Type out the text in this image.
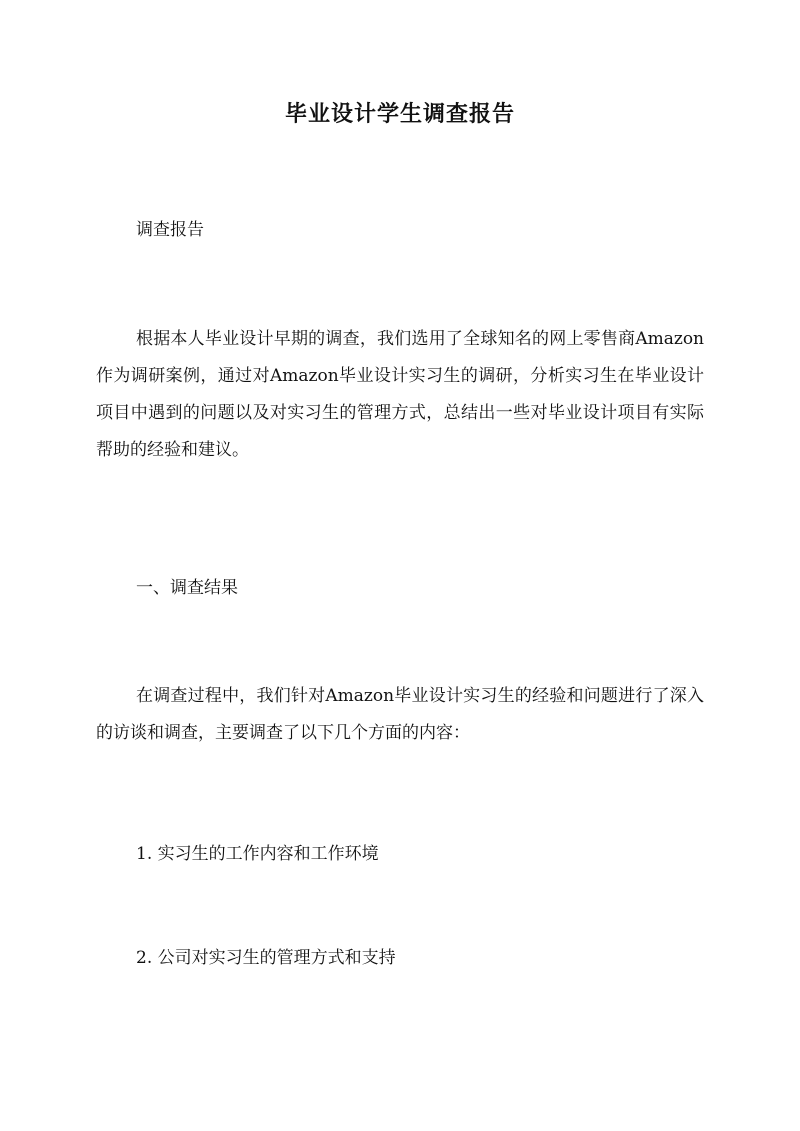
毕业设计学生调查报告

调查报告

根据本人毕业设计早期的调查，我们选用了全球知名的网上零售商Amazon作为调研案例，通过对Amazon毕业设计实习生的调研，分析实习生在毕业设计项目中遇到的问题以及对实习生的管理方式，总结出一些对毕业设计项目有实际帮助的经验和建议。

一、调查结果

在调查过程中，我们针对Amazon毕业设计实习生的经验和问题进行了深入的访谈和调查，主要调查了以下几个方面的内容：

1. 实习生的工作内容和工作环境

2. 公司对实习生的管理方式和支持
